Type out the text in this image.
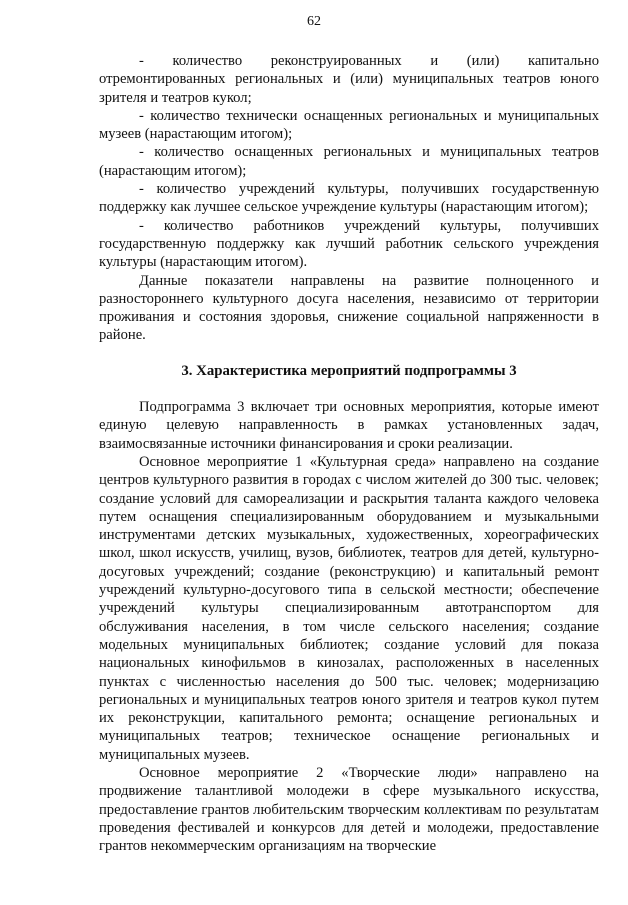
62

- количество реконструированных и (или) капитально отремонтированных региональных и (или) муниципальных театров юного зрителя и театров кукол;

- количество технически оснащенных региональных и муниципальных музеев (нарастающим итогом);

- количество оснащенных региональных и муниципальных театров (нарастающим итогом);

- количество учреждений культуры, получивших государственную поддержку как лучшее сельское учреждение культуры (нарастающим итогом);

- количество работников учреждений культуры, получивших государственную поддержку как лучший работник сельского учреждения культуры (нарастающим итогом).

Данные показатели направлены на развитие полноценного и разностороннего культурного досуга населения, независимо от территории проживания и состояния здоровья, снижение социальной напряженности в районе.

3. Характеристика мероприятий подпрограммы 3

Подпрограмма 3 включает три основных мероприятия, которые имеют единую целевую направленность в рамках установленных задач, взаимосвязанные источники финансирования и сроки реализации.

Основное мероприятие 1 «Культурная среда» направлено на создание центров культурного развития в городах с числом жителей до 300 тыс. человек; создание условий для самореализации и раскрытия таланта каждого человека путем оснащения специализированным оборудованием и музыкальными инструментами детских музыкальных, художественных, хореографических школ, школ искусств, училищ, вузов, библиотек, театров для детей, культурно-досуговых учреждений; создание (реконструкцию) и капитальный ремонт учреждений культурно-досугового типа в сельской местности; обеспечение учреждений культуры специализированным автотранспортом для обслуживания населения, в том числе сельского населения; создание модельных муниципальных библиотек; создание условий для показа национальных кинофильмов в кинозалах, расположенных в населенных пунктах с численностью населения до 500 тыс. человек; модернизацию региональных и муниципальных театров юного зрителя и театров кукол путем их реконструкции, капитального ремонта; оснащение региональных и муниципальных театров; техническое оснащение региональных и муниципальных музеев.

Основное мероприятие 2 «Творческие люди» направлено на продвижение талантливой молодежи в сфере музыкального искусства, предоставление грантов любительским творческим коллективам по результатам проведения фестивалей и конкурсов для детей и молодежи, предоставление грантов некоммерческим организациям на творческие
